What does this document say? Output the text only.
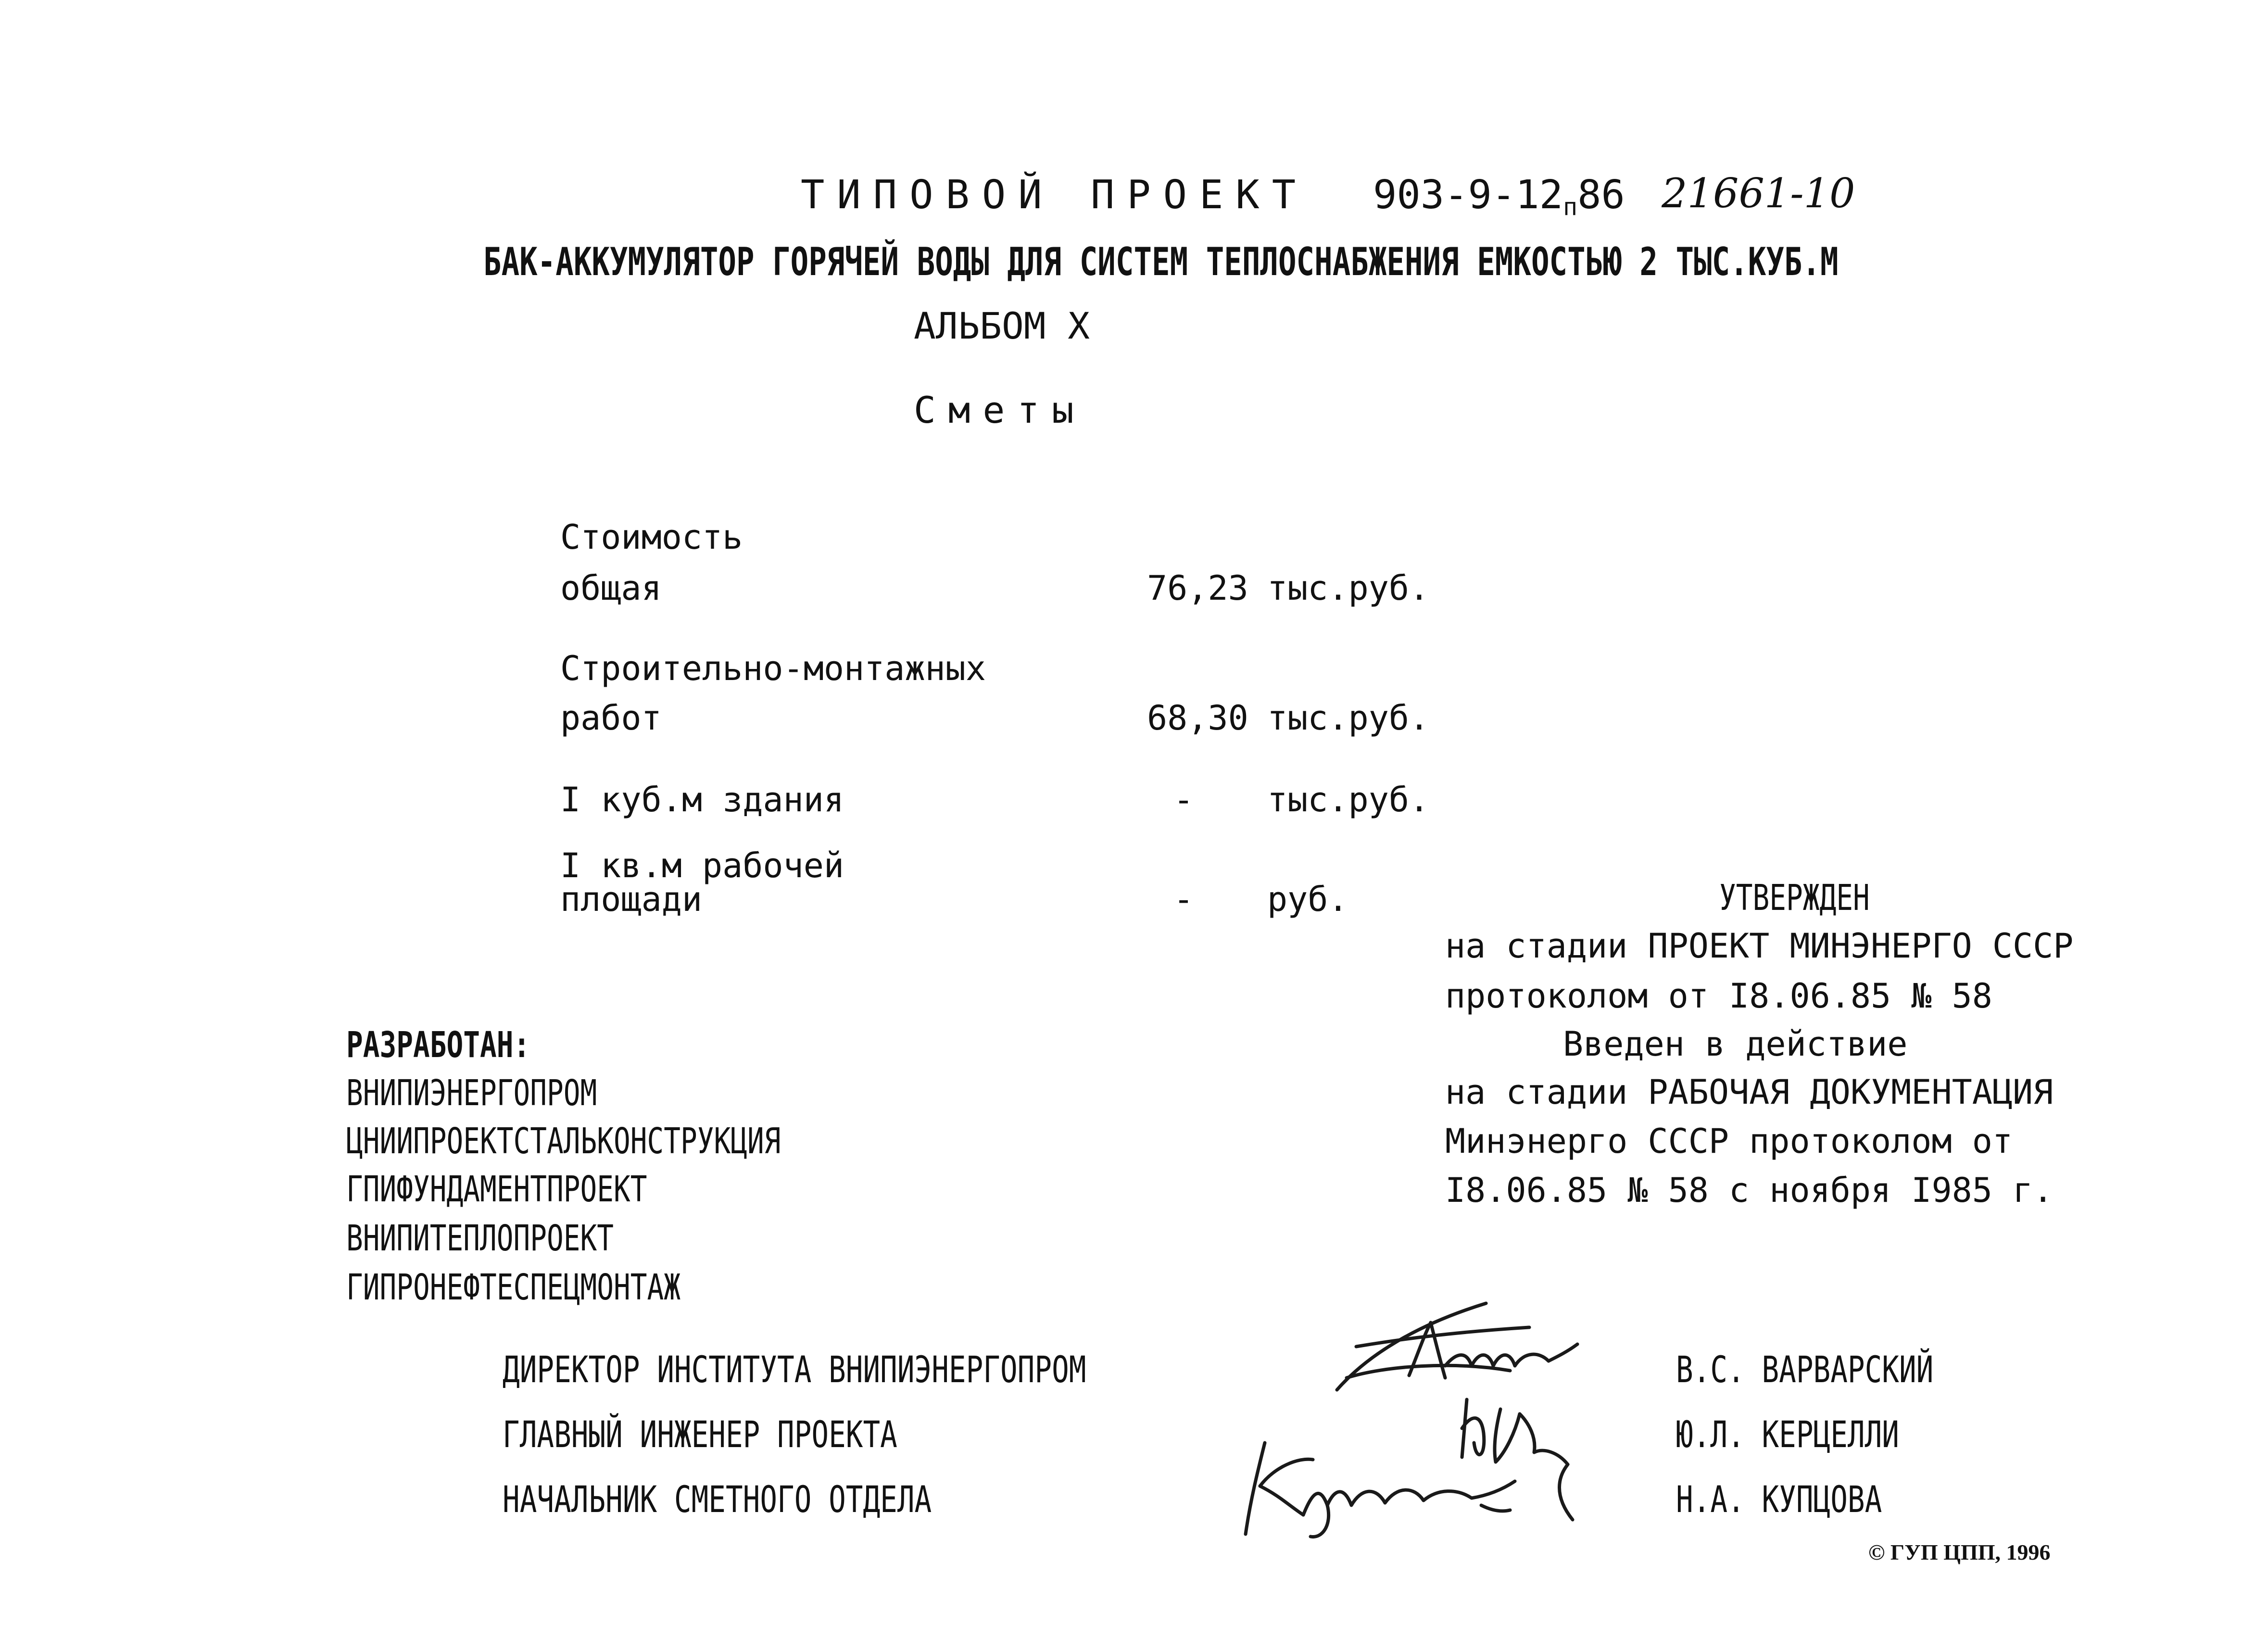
ТИПОВОЙ ПРОЕКТ 903-9-12п86 21661-10
БАК-АККУМУЛЯТОР ГОРЯЧЕЙ ВОДЫ ДЛЯ СИСТЕМ ТЕПЛОСНАБЖЕНИЯ ЕМКОСТЬЮ 2 ТЫС.КУБ.М
АЛЬБОМ X
Сметы
Стоимость
общая	76,23 тыс.руб.
Строительно-монтажных
работ	68,30 тыс.руб.
I куб.м здания	- тыс.руб.
I кв.м рабочей
площади	- руб.	УТВЕРЖДЕН
на стадии ПРОЕКТ МИНЭНЕРГО СССР
протоколом от I8.06.85 № 58
Введен в действие
на стадии РАБОЧАЯ ДОКУМЕНТАЦИЯ
Минэнерго СССР протоколом от
I8.06.85 № 58 с ноября I985 г.
РАЗРАБОТАН:
ВНИПИЭНЕРГОПРОМ
ЦНИИПРОЕКТСТАЛЬКОНСТРУКЦИЯ
ГПИФУНДАМЕНТПРОЕКТ
ВНИПИТЕПЛОПРОЕКТ
ГИПРОНЕФТЕСПЕЦМОНТАЖ
ДИРЕКТОР ИНСТИТУТА ВНИПИЭНЕРГОПРОМ	В.С. ВАРВАРСКИЙ
ГЛАВНЫЙ ИНЖЕНЕР ПРОЕКТА	Ю.Л. КЕРЦЕЛЛИ
НАЧАЛЬНИК СМЕТНОГО ОТДЕЛА	Н.А. КУПЦОВА
© ГУП ЦПП, 1996
